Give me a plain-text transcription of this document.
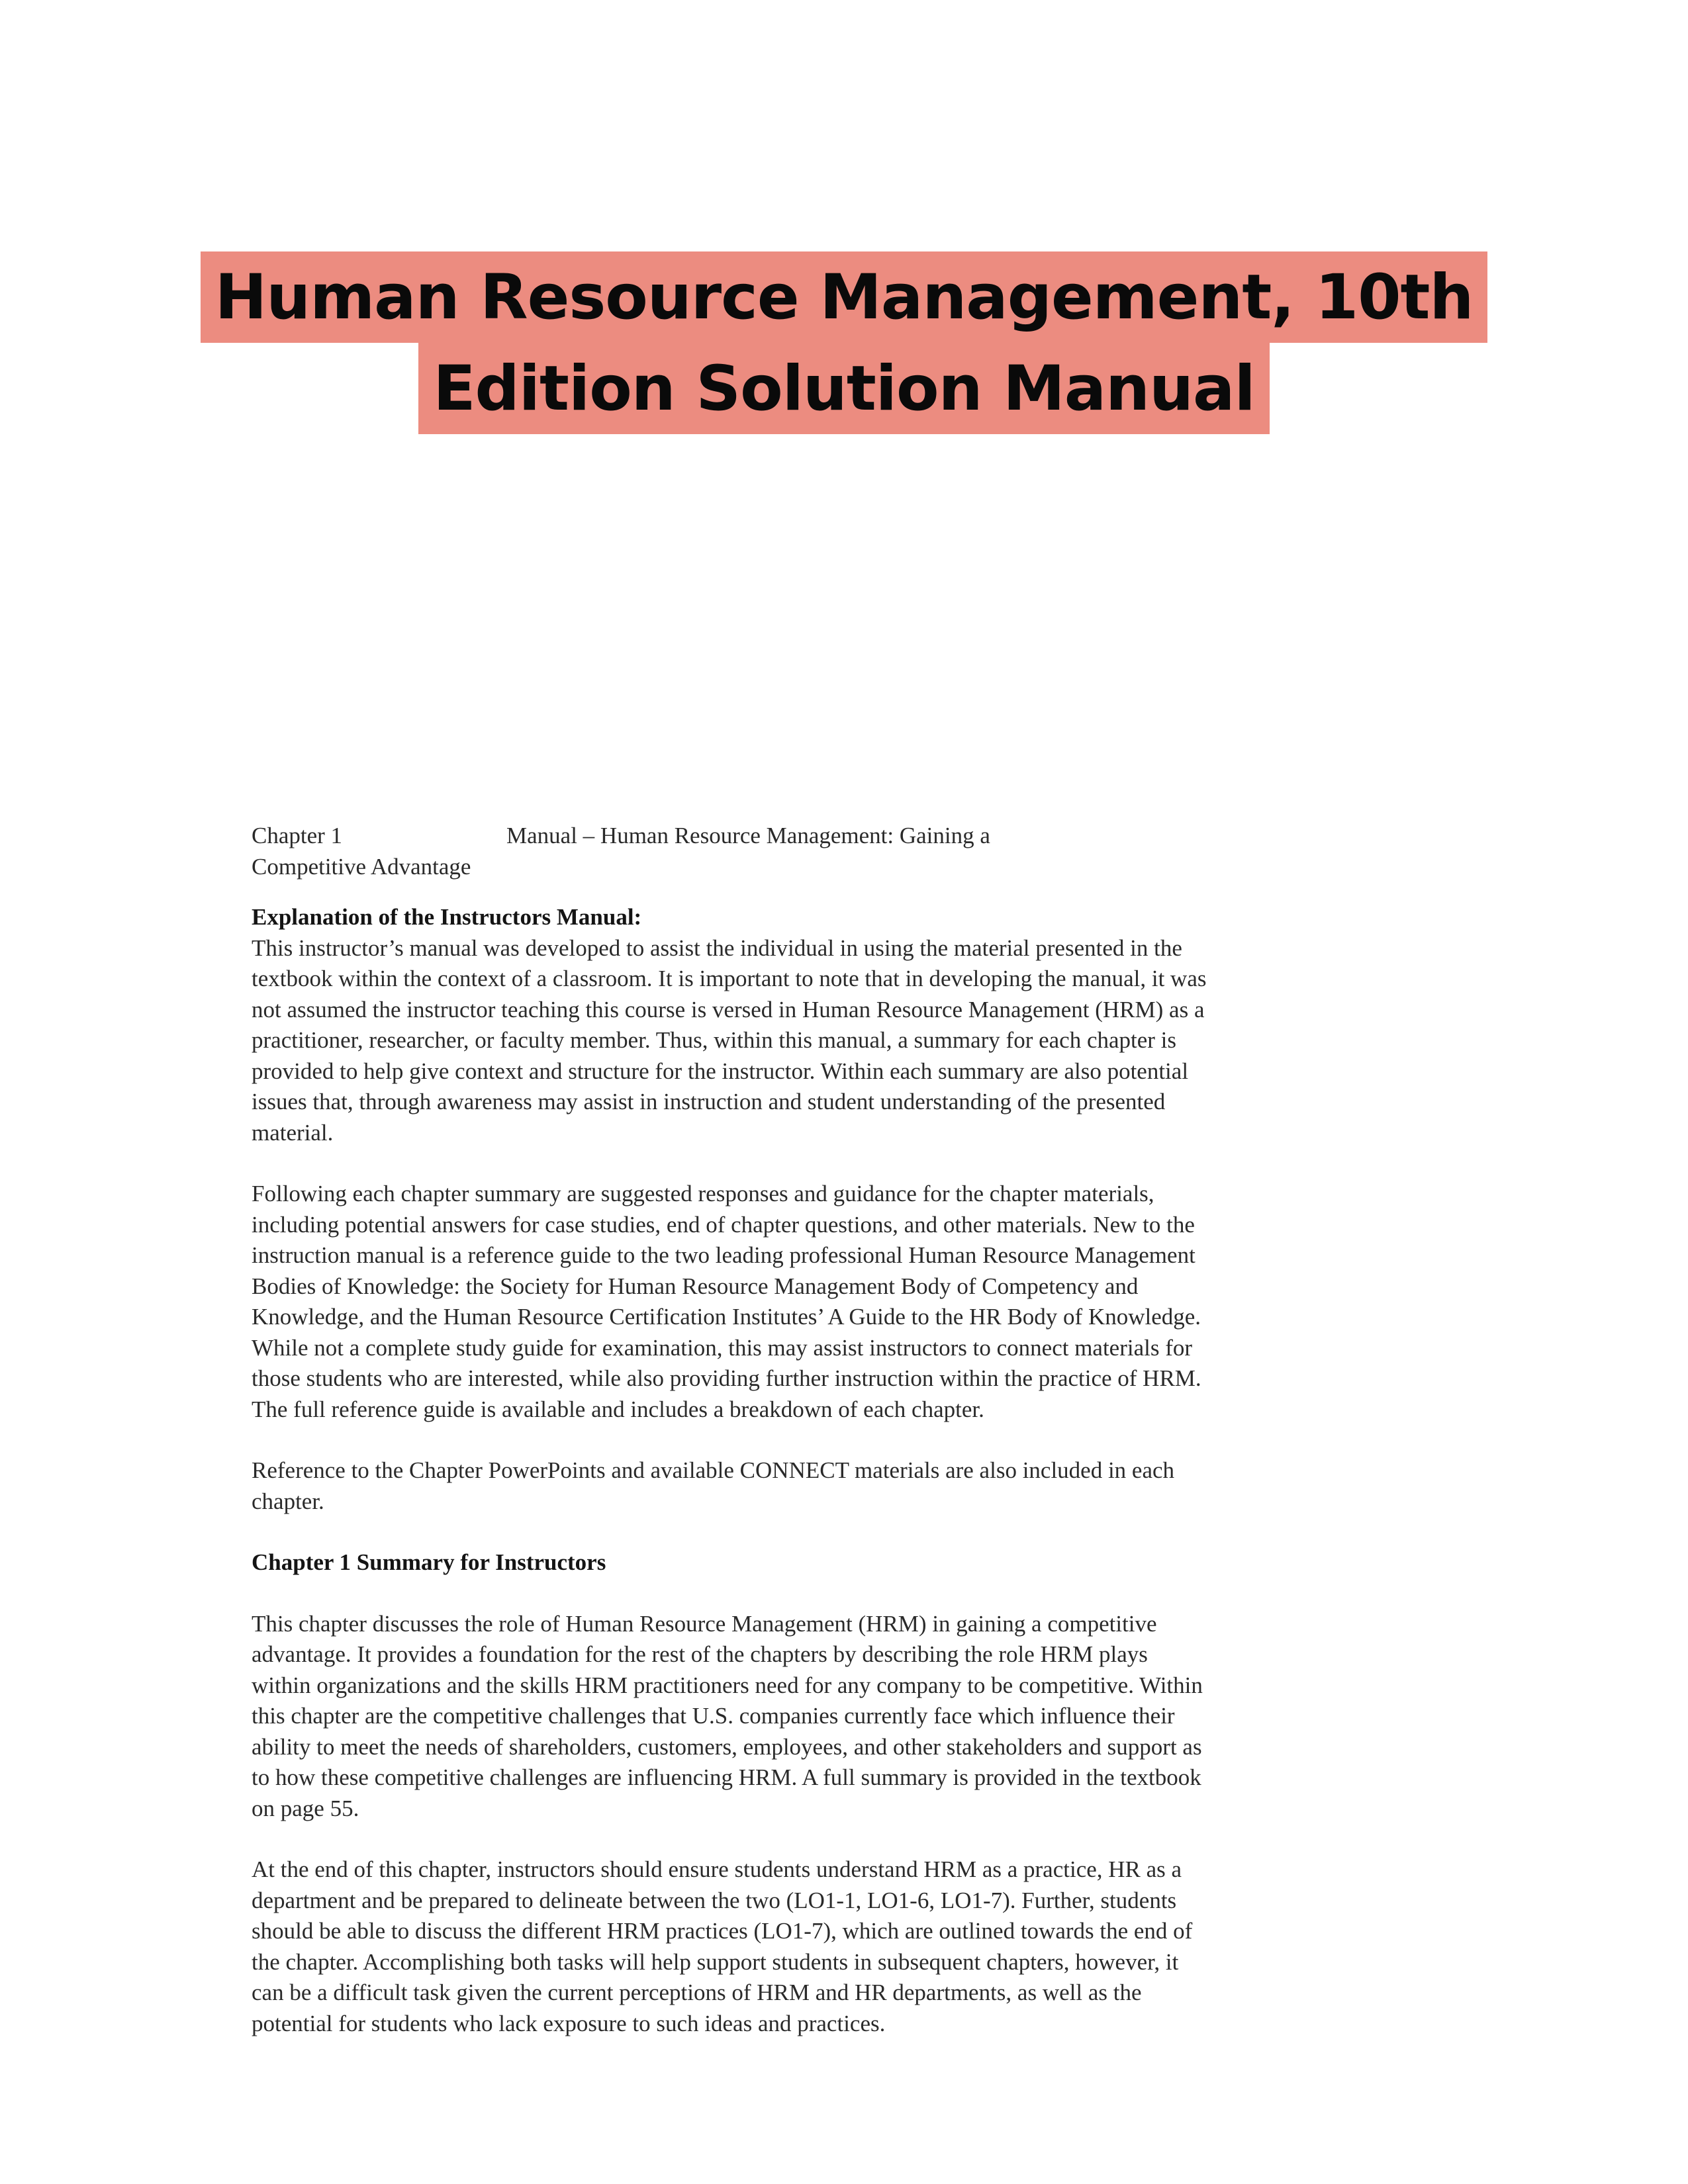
Human Resource Management, 10th
Edition Solution Manual
Chapter 1	Manual – Human Resource Management: Gaining a
Competitive Advantage

Explanation of the Instructors Manual:

This instructor’s manual was developed to assist the individual in using the material presented in the textbook within the context of a classroom. It is important to note that in developing the manual, it was not assumed the instructor teaching this course is versed in Human Resource Management (HRM) as a practitioner, researcher, or faculty member. Thus, within this manual, a summary for each chapter is provided to help give context and structure for the instructor. Within each summary are also potential issues that, through awareness may assist in instruction and student understanding of the presented material.

Following each chapter summary are suggested responses and guidance for the chapter materials, including potential answers for case studies, end of chapter questions, and other materials. New to the instruction manual is a reference guide to the two leading professional Human Resource Management Bodies of Knowledge: the Society for Human Resource Management Body of Competency and Knowledge, and the Human Resource Certification Institutes’ A Guide to the HR Body of Knowledge. While not a complete study guide for examination, this may assist instructors to connect materials for those students who are interested, while also providing further instruction within the practice of HRM. The full reference guide is available and includes a breakdown of each chapter.

Reference to the Chapter PowerPoints and available CONNECT materials are also included in each chapter.

Chapter 1 Summary for Instructors

This chapter discusses the role of Human Resource Management (HRM) in gaining a competitive advantage. It provides a foundation for the rest of the chapters by describing the role HRM plays within organizations and the skills HRM practitioners need for any company to be competitive. Within this chapter are the competitive challenges that U.S. companies currently face which influence their ability to meet the needs of shareholders, customers, employees, and other stakeholders and support as to how these competitive challenges are influencing HRM. A full summary is provided in the textbook on page 55.

At the end of this chapter, instructors should ensure students understand HRM as a practice, HR as a department and be prepared to delineate between the two (LO1-1, LO1-6, LO1-7). Further, students should be able to discuss the different HRM practices (LO1-7), which are outlined towards the end of the chapter. Accomplishing both tasks will help support students in subsequent chapters, however, it can be a difficult task given the current perceptions of HRM and HR departments, as well as the potential for students who lack exposure to such ideas and practices.
